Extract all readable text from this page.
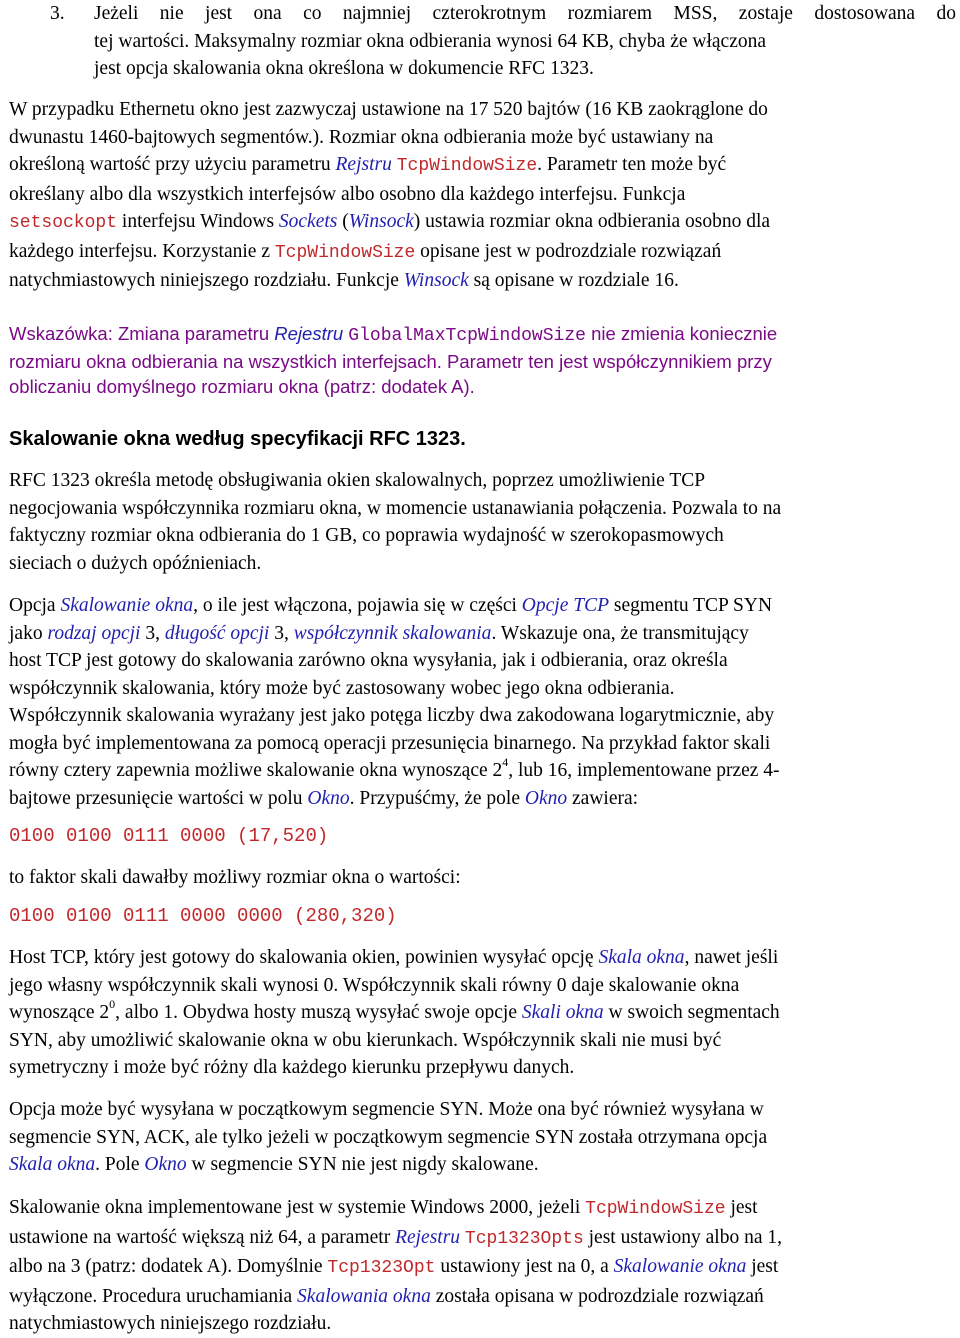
3. Jeżeli nie jest ona co najmniej czterokrotnym rozmiarem MSS, zostaje dostosowana do
tej wartości. Maksymalny rozmiar okna odbierania wynosi 64 KB, chyba że włączona
jest opcja skalowania okna określona w dokumencie RFC 1323.
W przypadku Ethernetu okno jest zazwyczaj ustawione na 17 520 bajtów (16 KB zaokrąglone do
dwunastu 1460-bajtowych segmentów.). Rozmiar okna odbierania może być ustawiany na
określoną wartość przy użyciu parametru Rejstru TcpWindowSize. Parametr ten może być
określany albo dla wszystkich interfejsów albo osobno dla każdego interfejsu. Funkcja
setsockopt interfejsu Windows Sockets (Winsock) ustawia rozmiar okna odbierania osobno dla
każdego interfejsu. Korzystanie z TcpWindowSize opisane jest w podrozdziale rozwiązań
natychmiastowych niniejszego rozdziału. Funkcje Winsock są opisane w rozdziale 16.
Wskazówka: Zmiana parametru Rejestru GlobalMaxTcpWindowSize nie zmienia koniecznie
rozmiaru okna odbierania na wszystkich interfejsach. Parametr ten jest współczynnikiem przy
obliczaniu domyślnego rozmiaru okna (patrz: dodatek A).
Skalowanie okna według specyfikacji RFC 1323.
RFC 1323 określa metodę obsługiwania okien skalowalnych, poprzez umożliwienie TCP
negocjowania współczynnika rozmiaru okna, w momencie ustanawiania połączenia. Pozwala to na
faktyczny rozmiar okna odbierania do 1 GB, co poprawia wydajność w szerokopasmowych
sieciach o dużych opóźnieniach.
Opcja Skalowanie okna, o ile jest włączona, pojawia się w części Opcje TCP segmentu TCP SYN
jako rodzaj opcji 3, długość opcji 3, współczynnik skalowania. Wskazuje ona, że transmitujący
host TCP jest gotowy do skalowania zarówno okna wysyłania, jak i odbierania, oraz określa
współczynnik skalowania, który może być zastosowany wobec jego okna odbierania.
Współczynnik skalowania wyrażany jest jako potęga liczby dwa zakodowana logarytmicznie, aby
mogła być implementowana za pomocą operacji przesunięcia binarnego. Na przykład faktor skali
równy cztery zapewnia możliwe skalowanie okna wynoszące $2^4$, lub 16, implementowane przez 4-
bajtowe przesunięcie wartości w polu Okno. Przypuśćmy, że pole Okno zawiera:
0100 0100 0111 0000 (17,520)
to faktor skali dawałby możliwy rozmiar okna o wartości:
0100 0100 0111 0000 0000 (280,320)
Host TCP, który jest gotowy do skalowania okien, powinien wysyłać opcję Skala okna, nawet jeśli
jego własny współczynnik skali wynosi 0. Współczynnik skali równy 0 daje skalowanie okna
wynoszące $2^0$, albo 1. Obydwa hosty muszą wysyłać swoje opcje Skali okna w swoich segmentach
SYN, aby umożliwić skalowanie okna w obu kierunkach. Współczynnik skali nie musi być
symetryczny i może być różny dla każdego kierunku przepływu danych.
Opcja może być wysyłana w początkowym segmencie SYN. Może ona być również wysyłana w
segmencie SYN, ACK, ale tylko jeżeli w początkowym segmencie SYN została otrzymana opcja
Skala okna. Pole Okno w segmencie SYN nie jest nigdy skalowane.
Skalowanie okna implementowane jest w systemie Windows 2000, jeżeli TcpWindowSize jest
ustawione na wartość większą niż 64, a parametr Rejestru Tcp1323Opts jest ustawiony albo na 1,
albo na 3 (patrz: dodatek A). Domyślnie Tcp1323Opt ustawiony jest na 0, a Skalowanie okna jest
wyłączone. Procedura uruchamiania Skalowania okna została opisana w podrozdziale rozwiązań
natychmiastowych niniejszego rozdziału.
